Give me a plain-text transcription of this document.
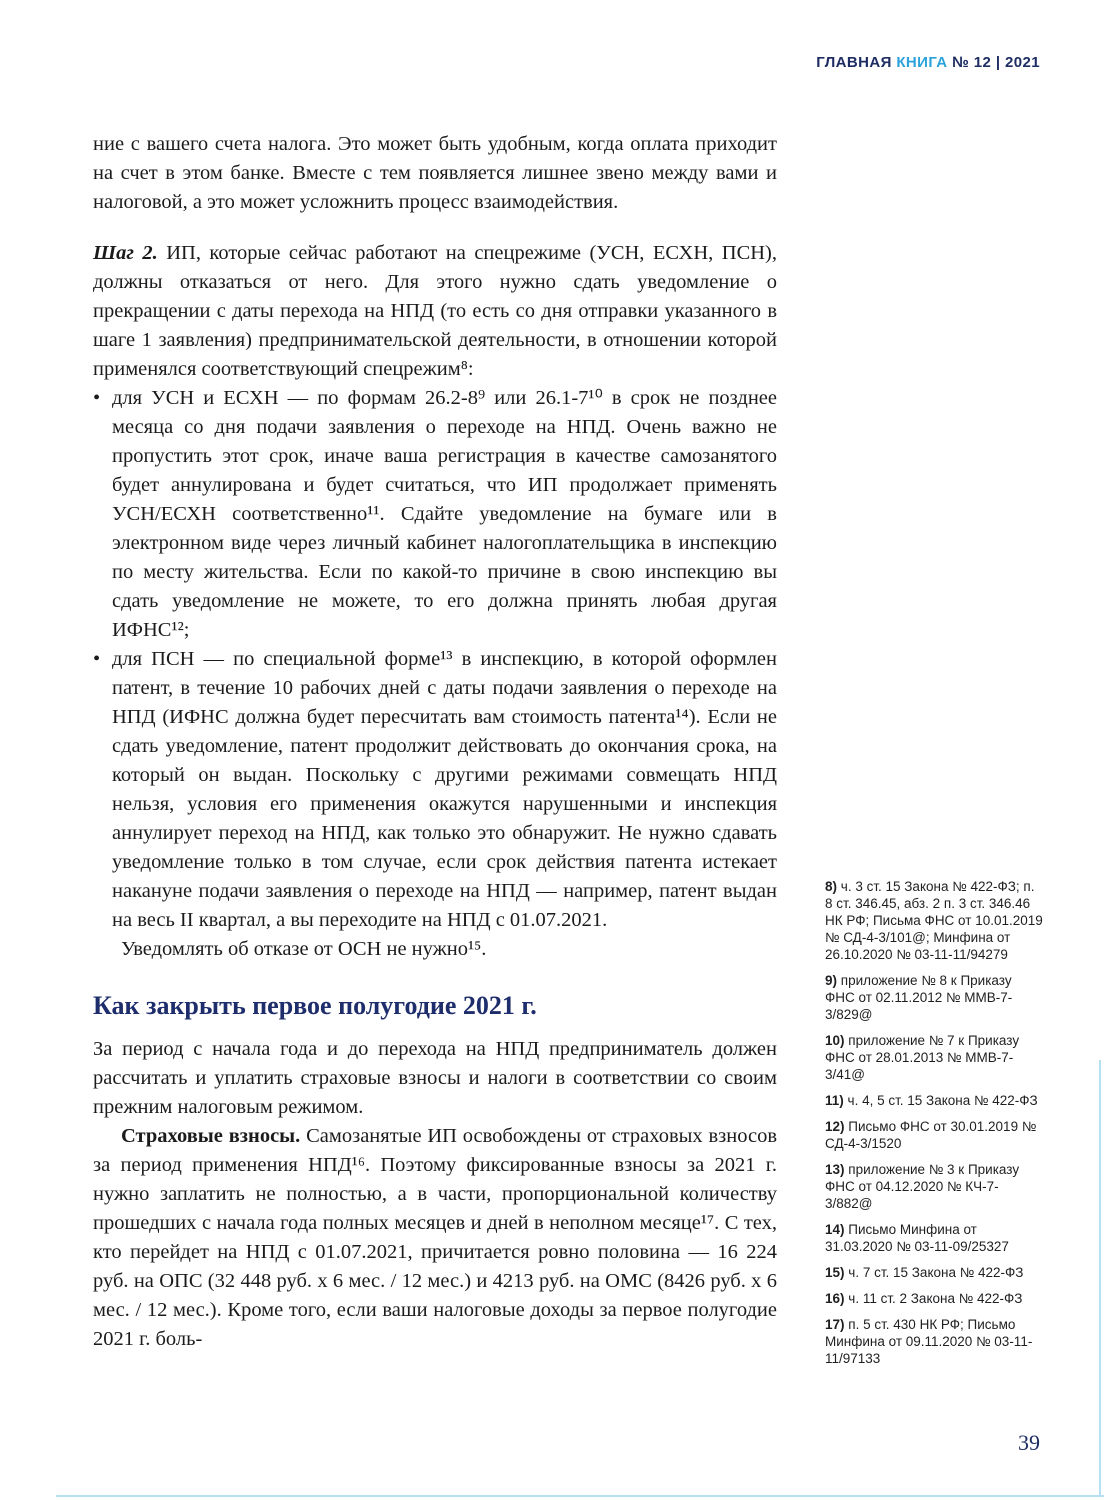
ГЛАВНАЯ КНИГА № 12 | 2021

ние с вашего счета налога. Это может быть удобным, когда оплата приходит на счет в этом банке. Вместе с тем появляется лишнее звено между вами и налоговой, а это может усложнить процесс взаимодействия.

Шаг 2. ИП, которые сейчас работают на спецрежиме (УСН, ЕСХН, ПСН), должны отказаться от него. Для этого нужно сдать уведомление о прекращении с даты перехода на НПД (то есть со дня отправки указанного в шаге 1 заявления) предпринимательской деятельности, в отношении которой применялся соответствующий спецрежим⁸:

• для УСН и ЕСХН — по формам 26.2-8⁹ или 26.1-7¹⁰ в срок не позднее месяца со дня подачи заявления о переходе на НПД. Очень важно не пропустить этот срок, иначе ваша регистрация в качестве самозанятого будет аннулирована и будет считаться, что ИП продолжает применять УСН/ЕСХН соответственно¹¹. Сдайте уведомление на бумаге или в электронном виде через личный кабинет налогоплательщика в инспекцию по месту жительства. Если по какой-то причине в свою инспекцию вы сдать уведомление не можете, то его должна принять любая другая ИФНС¹²;
• для ПСН — по специальной форме¹³ в инспекцию, в которой оформлен патент, в течение 10 рабочих дней с даты подачи заявления о переходе на НПД (ИФНС должна будет пересчитать вам стоимость патента¹⁴). Если не сдать уведомление, патент продолжит действовать до окончания срока, на который он выдан. Поскольку с другими режимами совмещать НПД нельзя, условия его применения окажутся нарушенными и инспекция аннулирует переход на НПД, как только это обнаружит. Не нужно сдавать уведомление только в том случае, если срок действия патента истекает накануне подачи заявления о переходе на НПД — например, патент выдан на весь II квартал, а вы переходите на НПД с 01.07.2021.

Уведомлять об отказе от ОСН не нужно¹⁵.

Как закрыть первое полугодие 2021 г.

За период с начала года и до перехода на НПД предприниматель должен рассчитать и уплатить страховые взносы и налоги в соответствии со своим прежним налоговым режимом.

Страховые взносы. Самозанятые ИП освобождены от страховых взносов за период применения НПД¹⁶. Поэтому фиксированные взносы за 2021 г. нужно заплатить не полностью, а в части, пропорциональной количеству прошедших с начала года полных месяцев и дней в неполном месяце¹⁷. С тех, кто перейдет на НПД с 01.07.2021, причитается ровно половина — 16 224 руб. на ОПС (32 448 руб. x 6 мес. / 12 мес.) и 4213 руб. на ОМС (8426 руб. x 6 мес. / 12 мес.). Кроме того, если ваши налоговые доходы за первое полугодие 2021 г. боль-

8) ч. 3 ст. 15 Закона № 422-ФЗ; п. 8 ст. 346.45, абз. 2 п. 3 ст. 346.46 НК РФ; Письма ФНС от 10.01.2019 № СД-4-3/101@; Минфина от 26.10.2020 № 03-11-11/94279
9) приложение № 8 к Приказу ФНС от 02.11.2012 № ММВ-7-3/829@
10) приложение № 7 к Приказу ФНС от 28.01.2013 № ММВ-7-3/41@
11) ч. 4, 5 ст. 15 Закона № 422-ФЗ
12) Письмо ФНС от 30.01.2019 № СД-4-3/1520
13) приложение № 3 к Приказу ФНС от 04.12.2020 № КЧ-7-3/882@
14) Письмо Минфина от 31.03.2020 № 03-11-09/25327
15) ч. 7 ст. 15 Закона № 422-ФЗ
16) ч. 11 ст. 2 Закона № 422-ФЗ
17) п. 5 ст. 430 НК РФ; Письмо Минфина от 09.11.2020 № 03-11-11/97133
39
